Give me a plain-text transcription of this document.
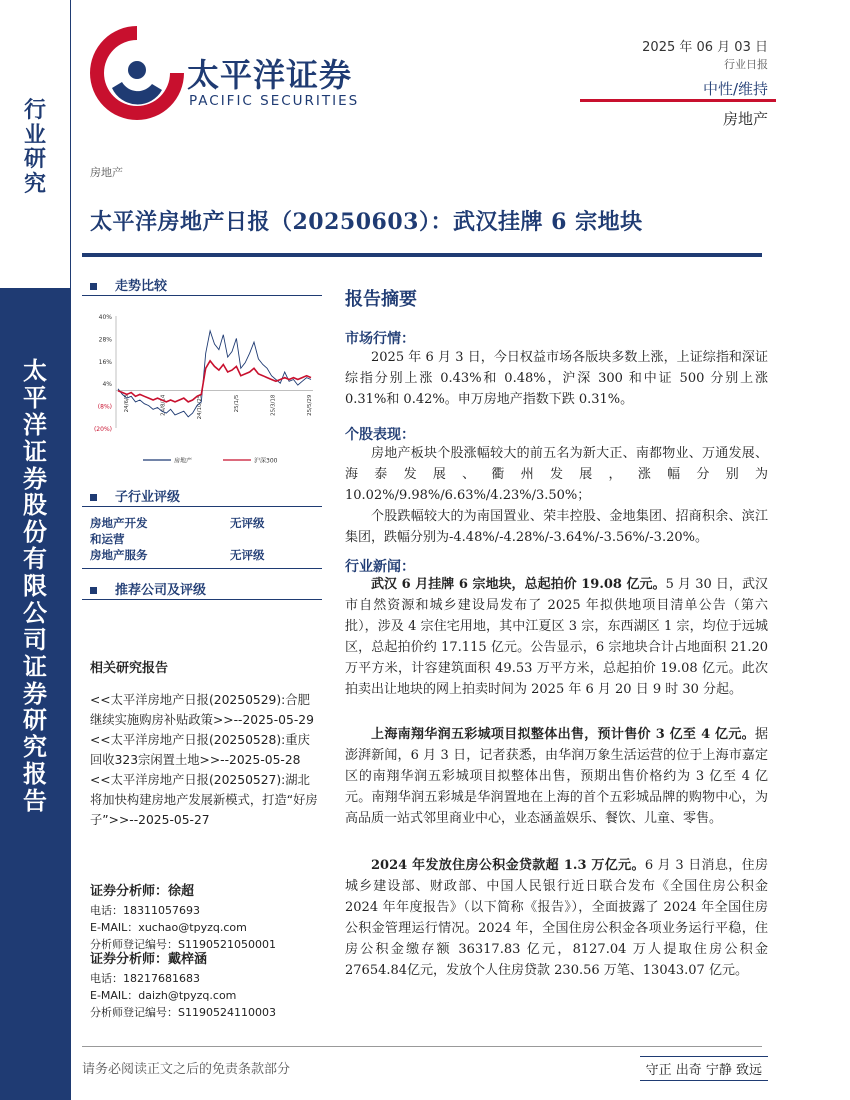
行
业
研
究
太
平
洋
证
券
股
份
有
限
公
司
证
券
研
究
报
告
太平洋证券
PACIFIC SECURITIES
2025 年 06 月 03 日
行业日报
中性/维持
房地产
房地产
太平洋房地产日报（20250603）：武汉挂牌 6 宗地块
走势比较
40%
28%
16%
4%
(8%)
(20%)
24/6/3	24/8/14	24/10/25	25/1/5	25/3/18	25/5/29
房地产	沪深300
子行业评级
房地产开发	无评级
和运营
房地产服务	无评级
推荐公司及评级
相关研究报告
<<太平洋房地产日报(20250529):合肥继续实施购房补贴政策>>--2025-05-29
<<太平洋房地产日报(20250528):重庆回收323宗闲置土地>>--2025-05-28
<<太平洋房地产日报(20250527):湖北将加快构建房地产发展新模式，打造“好房子”>>--2025-05-27
证券分析师：徐超
电话：18311057693
E-MAIL：xuchao@tpyzq.com
分析师登记编号：S1190521050001
证券分析师：戴梓涵
电话：18217681683
E-MAIL：daizh@tpyzq.com
分析师登记编号：S1190524110003
报告摘要
市场行情：
2025 年 6 月 3 日，今日权益市场各版块多数上涨，上证综指和深证综指分别上涨 0.43%和 0.48%，沪深 300 和中证 500 分别上涨 0.31%和 0.42%。申万房地产指数下跌 0.31%。
个股表现：
房地产板块个股涨幅较大的前五名为新大正、南都物业、万通发展、海泰发展、衢州发展，涨幅分别为 10.02%/9.98%/6.63%/4.23%/3.50%；
个股跌幅较大的为南国置业、荣丰控股、金地集团、招商积余、滨江集团，跌幅分别为-4.48%/-4.28%/-3.64%/-3.56%/-3.20%。
行业新闻：
武汉 6 月挂牌 6 宗地块，总起拍价 19.08 亿元。5 月 30 日，武汉市自然资源和城乡建设局发布了 2025 年拟供地项目清单公告（第六批），涉及 4 宗住宅用地，其中江夏区 3 宗，东西湖区 1 宗，均位于远城区，总起拍价约 17.115 亿元。公告显示，6 宗地块合计占地面积 21.20 万平方米，计容建筑面积 49.53 万平方米，总起拍价 19.08 亿元。此次拍卖出让地块的网上拍卖时间为 2025 年 6 月 20 日 9 时 30 分起。
上海南翔华润五彩城项目拟整体出售，预计售价 3 亿至 4 亿元。据澎湃新闻，6 月 3 日，记者获悉，由华润万象生活运营的位于上海市嘉定区的南翔华润五彩城项目拟整体出售，预期出售价格约为 3 亿至 4 亿元。南翔华润五彩城是华润置地在上海的首个五彩城品牌的购物中心，为高品质一站式邻里商业中心，业态涵盖娱乐、餐饮、儿童、零售。
2024 年发放住房公积金贷款超 1.3 万亿元。6 月 3 日消息，住房城乡建设部、财政部、中国人民银行近日联合发布《全国住房公积金 2024 年年度报告》（以下简称《报告》），全面披露了 2024 年全国住房公积金管理运行情况。2024 年，全国住房公积金各项业务运行平稳，住房公积金缴存额 36317.83 亿元，8127.04 万人提取住房公积金 27654.84亿元，发放个人住房贷款 230.56 万笔、13043.07 亿元。
请务必阅读正文之后的免责条款部分	守正 出奇 宁静 致远
